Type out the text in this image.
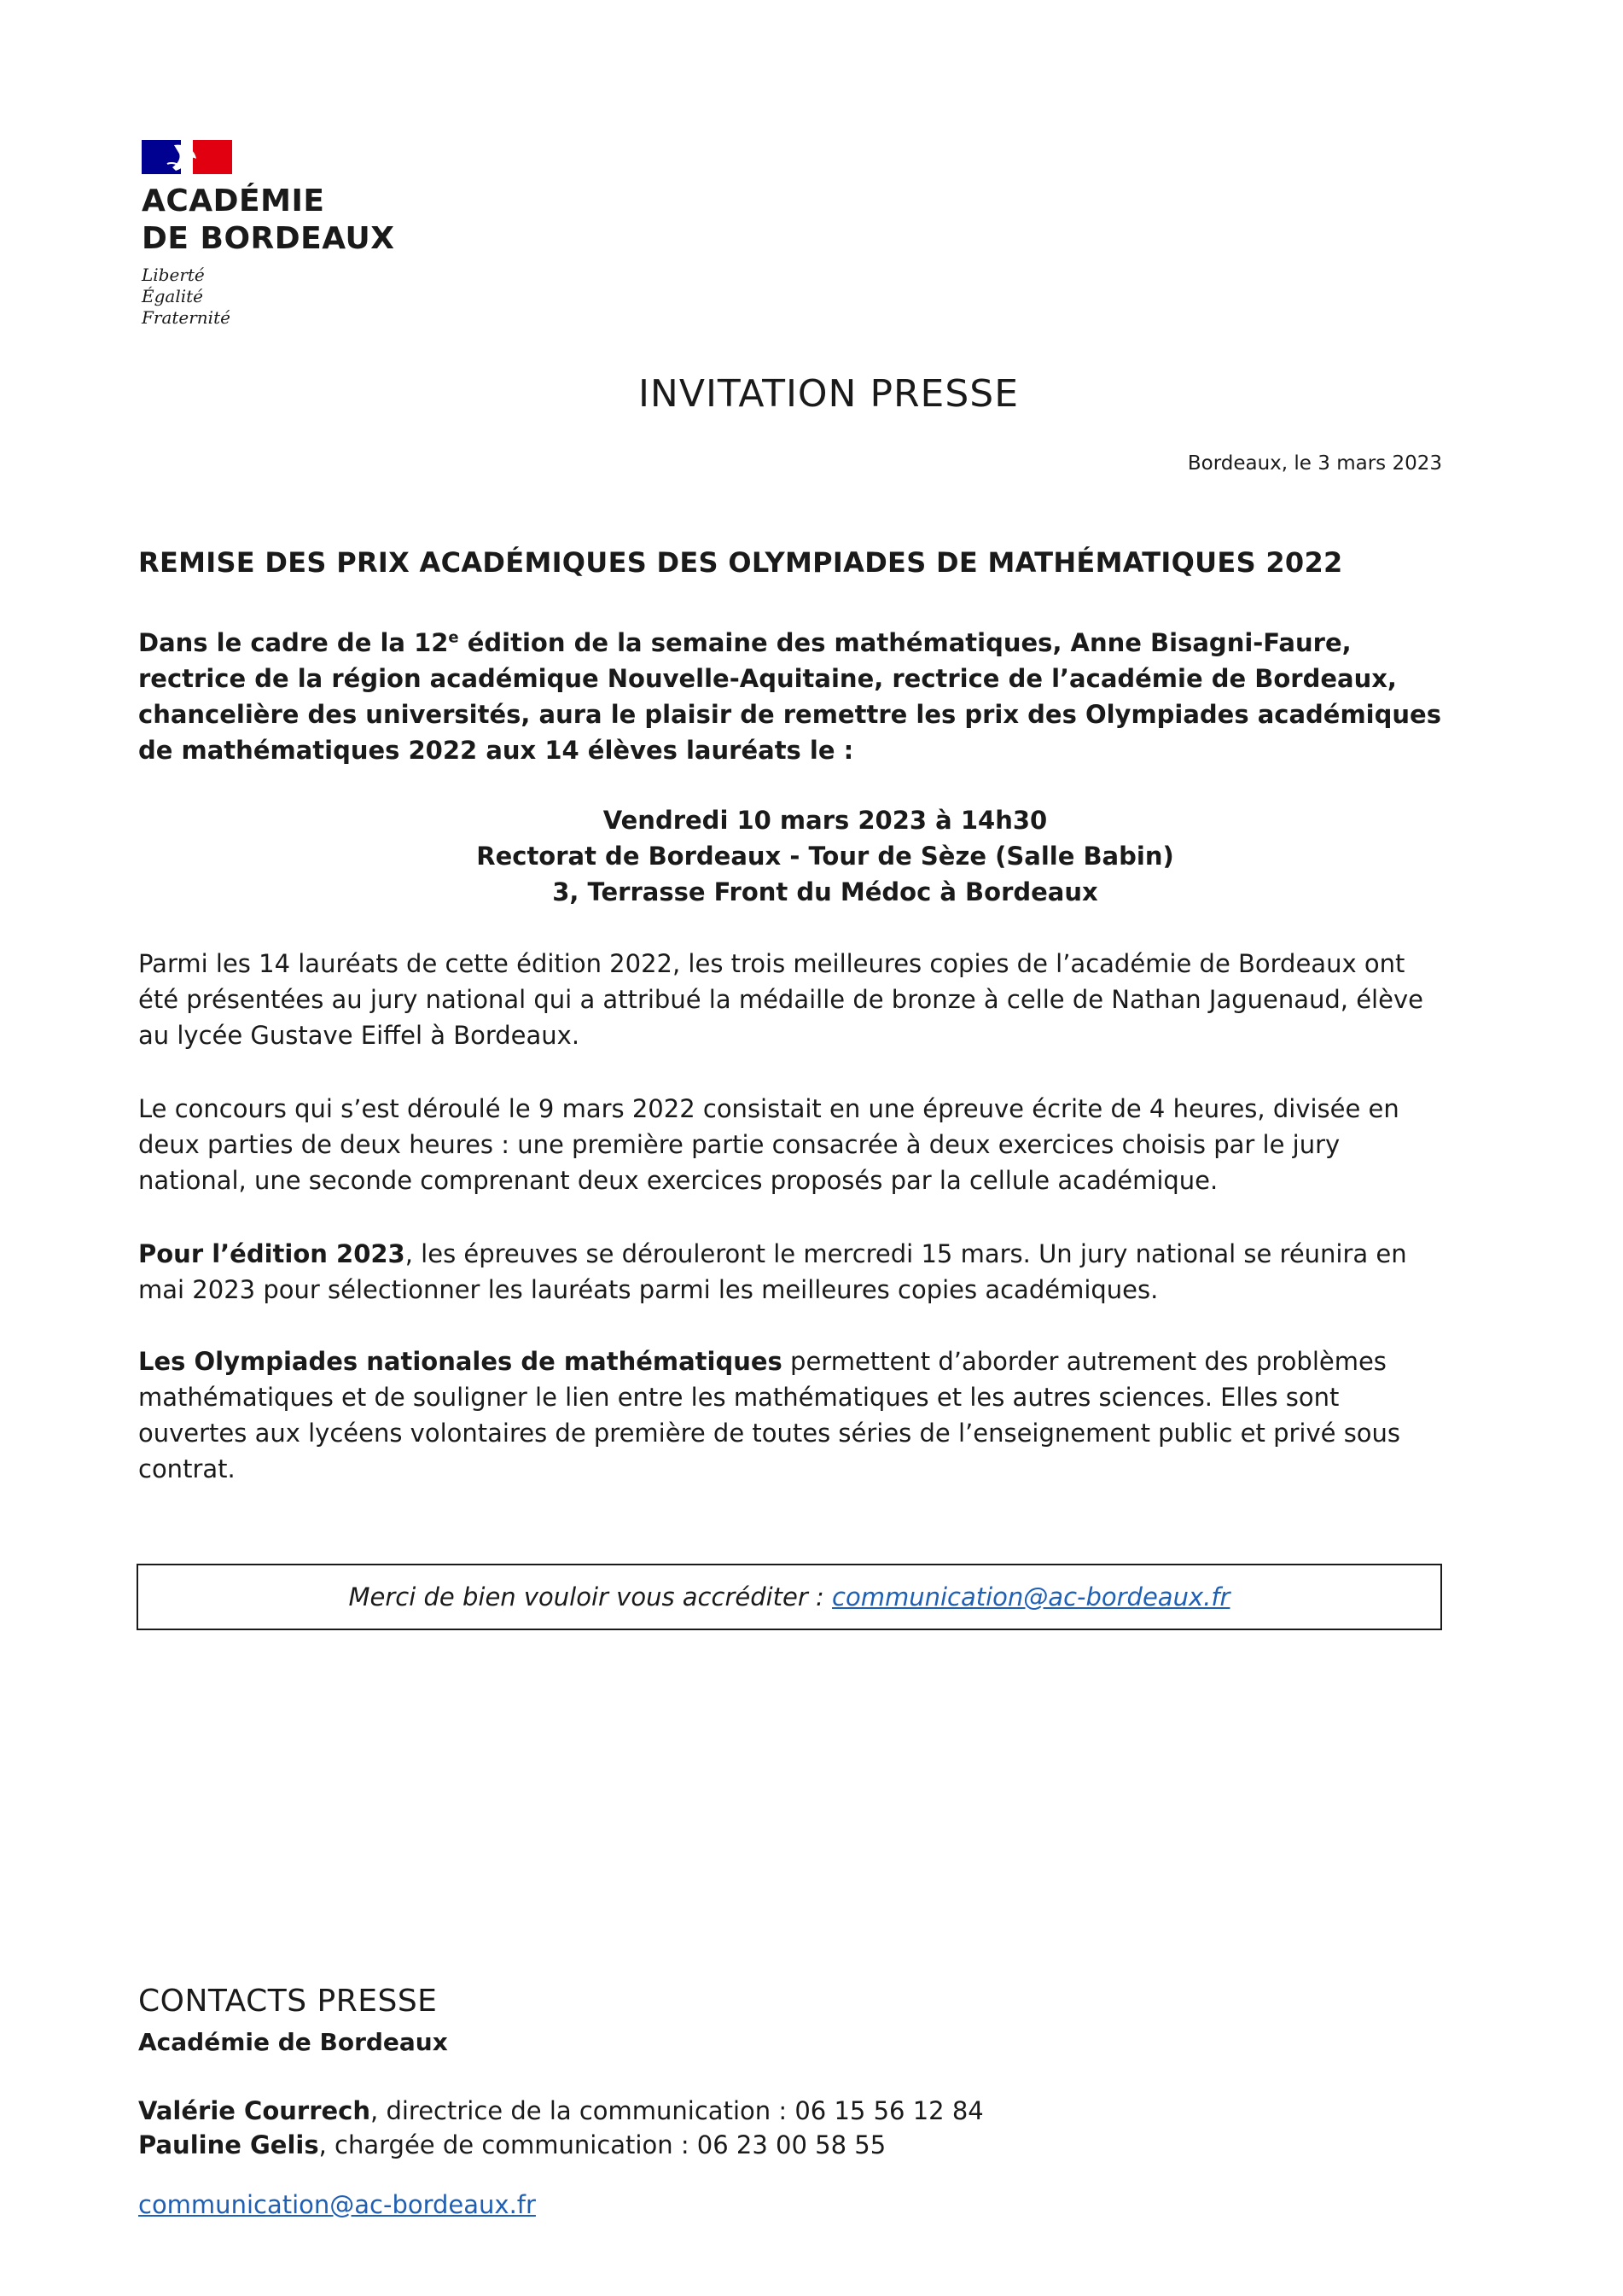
ACADÉMIE
DE BORDEAUX
Liberté
Égalité
Fraternité
INVITATION PRESSE
Bordeaux, le 3 mars 2023
REMISE DES PRIX ACADÉMIQUES DES OLYMPIADES DE MATHÉMATIQUES 2022
Dans le cadre de la 12e édition de la semaine des mathématiques, Anne Bisagni-Faure, rectrice de la région académique Nouvelle-Aquitaine, rectrice de l’académie de Bordeaux, chancelière des universités, aura le plaisir de remettre les prix des Olympiades académiques de mathématiques 2022 aux 14 élèves lauréats le :
Vendredi 10 mars 2023 à 14h30
Rectorat de Bordeaux - Tour de Sèze (Salle Babin)
3, Terrasse Front du Médoc à Bordeaux
Parmi les 14 lauréats de cette édition 2022, les trois meilleures copies de l’académie de Bordeaux ont été présentées au jury national qui a attribué la médaille de bronze à celle de Nathan Jaguenaud, élève au lycée Gustave Eiffel à Bordeaux.
Le concours qui s’est déroulé le 9 mars 2022 consistait en une épreuve écrite de 4 heures, divisée en deux parties de deux heures : une première partie consacrée à deux exercices choisis par le jury national, une seconde comprenant deux exercices proposés par la cellule académique.
Pour l’édition 2023, les épreuves se dérouleront le mercredi 15 mars. Un jury national se réunira en mai 2023 pour sélectionner les lauréats parmi les meilleures copies académiques.
Les Olympiades nationales de mathématiques permettent d’aborder autrement des problèmes mathématiques et de souligner le lien entre les mathématiques et les autres sciences. Elles sont ouvertes aux lycéens volontaires de première de toutes séries de l’enseignement public et privé sous contrat.
Merci de bien vouloir vous accréditer : communication@ac-bordeaux.fr
CONTACTS PRESSE
Académie de Bordeaux
Valérie Courrech, directrice de la communication : 06 15 56 12 84
Pauline Gelis, chargée de communication : 06 23 00 58 55
communication@ac-bordeaux.fr
